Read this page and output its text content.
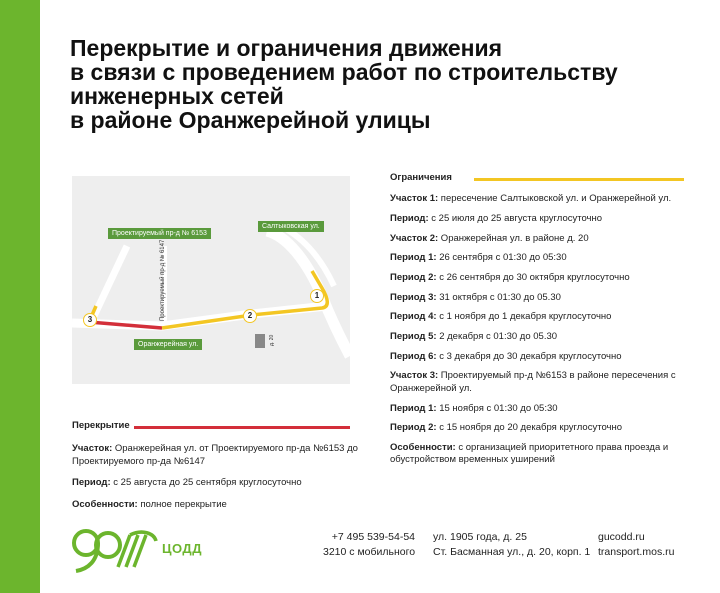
Перекрытие и ограничения движения
в связи с проведением работ по строительству
инженерных сетей
в районе Оранжерейной улицы
Салтыковская ул.
Проектируемый пр-д № 6153
Оранжерейная ул.
Проектируемый пр-д № 6147
д. 20
1
2
3
Ограничения
Участок 1: пересечение Салтыковской ул. и Оранжерейной ул.
Период: с 25 июля до 25 августа круглосуточно
Участок 2: Оранжерейная ул. в районе д. 20
Период 1: 26 сентября с 01:30 до 05:30
Период 2: с 26 сентября до 30 октября круглосуточно
Период 3: 31 октября с 01:30 до 05.30
Период 4: с 1 ноября до 1 декабря круглосуточно
Период 5: 2 декабря с 01:30 до 05.30
Период 6: с 3 декабря до 30 декабря круглосуточно
Участок 3: Проектируемый пр-д №6153 в районе пересечения с Оранжерейной ул.
Период 1: 15 ноября с 01:30 до 05:30
Период 2: с 15 ноября до 20 декабря круглосуточно
Особенности: с организацией приоритетного права проезда и обустройством временных уширений
Перекрытие
Участок: Оранжерейная ул. от Проектируемого пр-да №6153 до Проектируемого пр-да №6147
Период: с 25 августа до 25 сентября круглосуточно
Особенности: полное перекрытие
ЦОДД
+7 495 539-54-54
3210 с мобильного
ул. 1905 года, д. 25
Ст. Басманная ул., д. 20, корп. 1
gucodd.ru
transport.mos.ru
